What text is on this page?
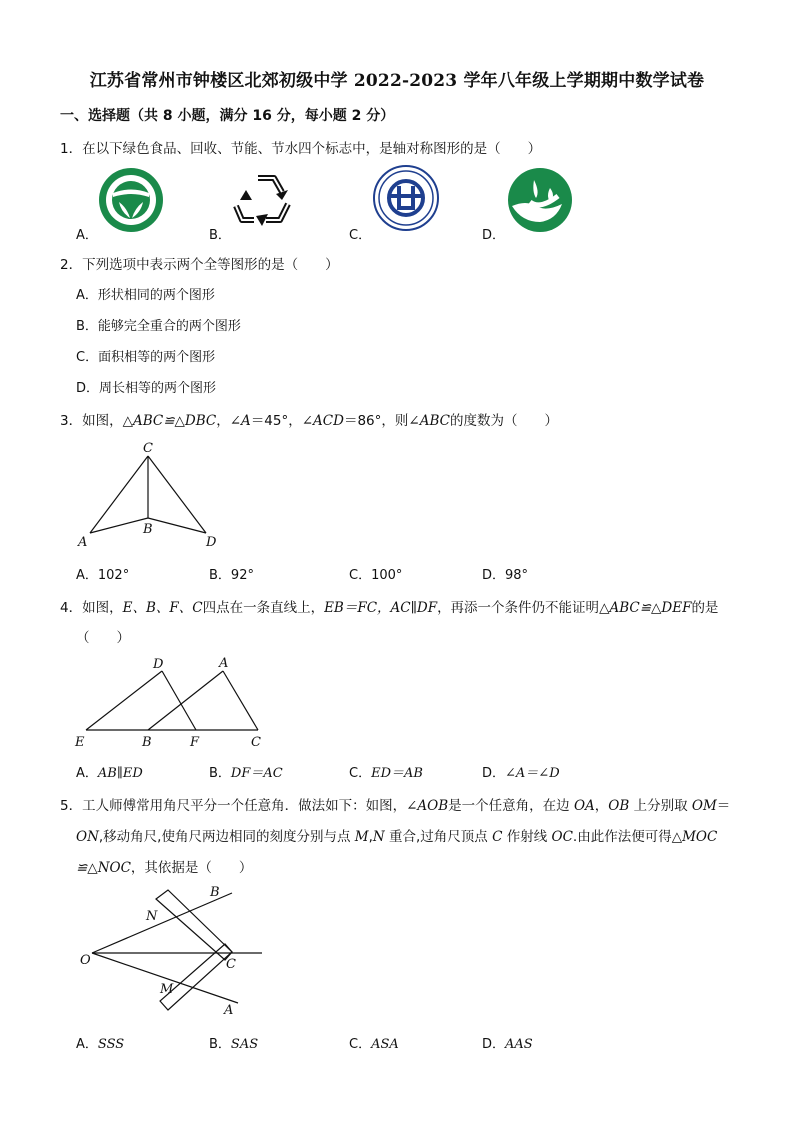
江苏省常州市钟楼区北郊初级中学 2022-2023 学年八年级上学期期中数学试卷
一、选择题（共 8 小题，满分 16 分，每小题 2 分）
1．在以下绿色食品、回收、节能、节水四个标志中，是轴对称图形的是（　　）
A．	B．	C．	D．
2．下列选项中表示两个全等图形的是（　　）
A．形状相同的两个图形
B．能够完全重合的两个图形
C．面积相等的两个图形
D．周长相等的两个图形
3．如图，△ABC≌△DBC，∠A＝45°，∠ACD＝86°，则∠ABC的度数为（　　）
C
B
A	D
D	A
E	B	F	C
B
N
O	C
M
A
A．102°	B．92°	C．100°	D．98°
4．如图，E、B、F、C四点在一条直线上，EB＝FC，AC∥DF，再添一个条件仍不能证明△ABC≌△DEF的是
（　　）
A．AB∥ED	B．DF＝AC	C．ED＝AB	D．∠A＝∠D
5．工人师傅常用角尺平分一个任意角．做法如下：如图，∠AOB是一个任意角，在边 OA，OB 上分别取 OM＝
ON,移动角尺,使角尺两边相同的刻度分别与点 M,N 重合,过角尺顶点 C 作射线 OC.由此作法便可得△MOC
≌△NOC，其依据是（　　）
A．SSS	B．SAS	C．ASA	D．AAS
